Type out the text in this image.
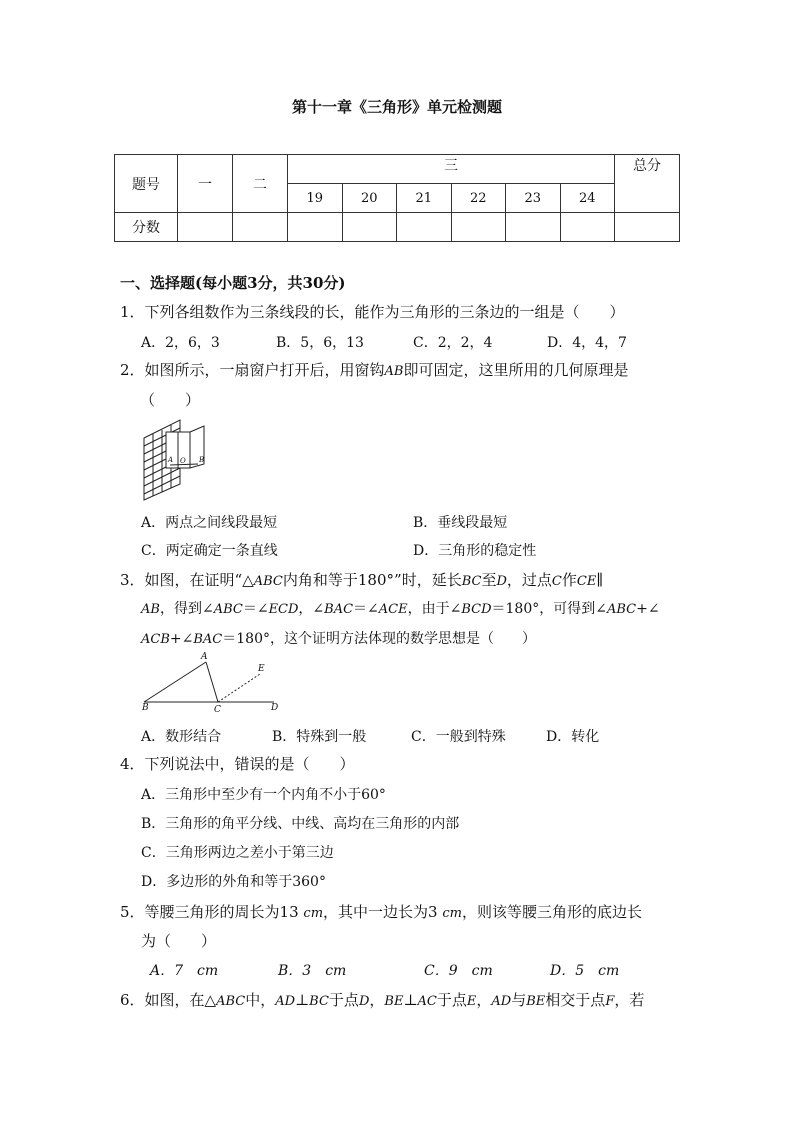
第十一章《三角形》单元检测题
题号	一	二	三						总分
			19	20	21	22	23	24	
分数									
一、选择题(每小题3分，共30分)
1．下列各组数作为三条线段的长，能作为三角形的三条边的一组是（　　）
A．2，6，3	B．5，6，13	C．2，2，4	D．4，4，7
2．如图所示，一扇窗户打开后，用窗钩AB即可固定，这里所用的几何原理是
（　　）
A O B
A．两点之间线段最短	B．垂线段最短
C．两定确定一条直线	D．三角形的稳定性
3．如图，在证明“△ABC内角和等于180°”时，延长BC至D，过点C作CE∥
AB，得到∠ABC＝∠ECD，∠BAC＝∠ACE，由于∠BCD＝180°，可得到∠ABC+∠
ACB+∠BAC＝180°，这个证明方法体现的数学思想是（　　）
A
E
B	C	D
A．数形结合	B．特殊到一般	C．一般到特殊	D．转化
4．下列说法中，错误的是（　　）
A．三角形中至少有一个内角不小于60°
B．三角形的角平分线、中线、高均在三角形的内部
C．三角形两边之差小于第三边
D．多边形的外角和等于360°
5．等腰三角形的周长为13 cm，其中一边长为3 cm，则该等腰三角形的底边长
为（　　）
A．7　cm	B．3　cm	C．9　cm	D．5　cm
6．如图，在△ABC中，AD⊥BC于点D，BE⊥AC于点E，AD与BE相交于点F，若
